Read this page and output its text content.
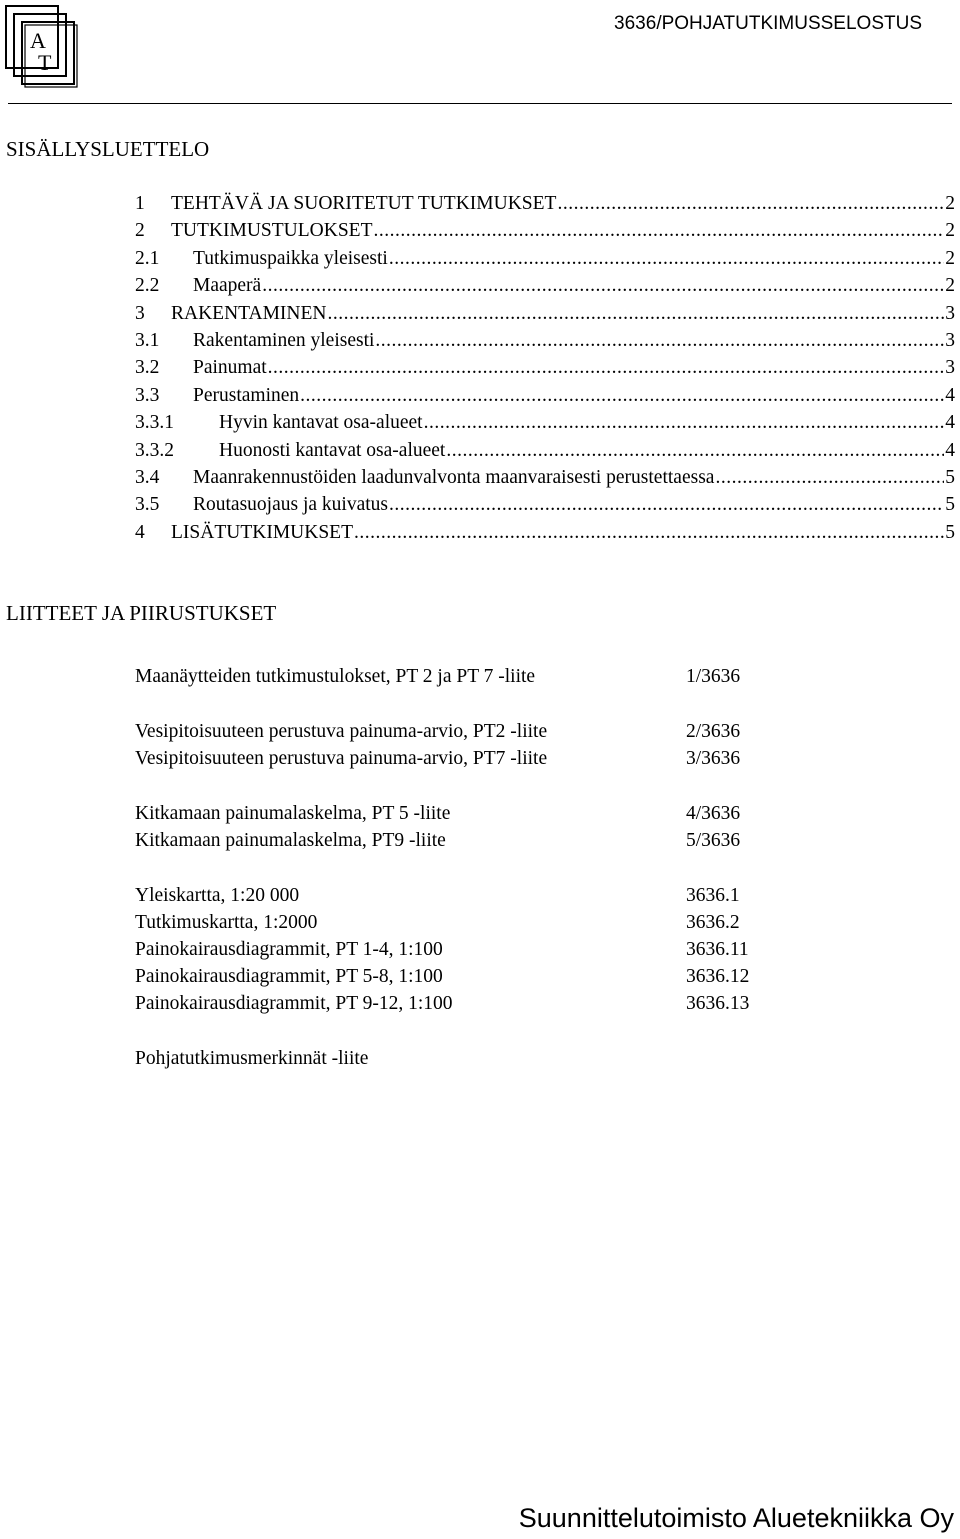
A
T
3636/POHJATUTKIMUSSELOSTUS
SISÄLLYSLUETTELO
1	TEHTÄVÄ JA SUORITETUT TUTKIMUKSET .....	2
2	TUTKIMUSTULOKSET .....	2
2.1	Tutkimuspaikka yleisesti .....	2
2.2	Maaperä .....	2
3	RAKENTAMINEN .....	3
3.1	Rakentaminen yleisesti .....	3
3.2	Painumat .....	3
3.3	Perustaminen .....	4
3.3.1	Hyvin kantavat osa-alueet .....	4
3.3.2	Huonosti kantavat osa-alueet .....	4
3.4	Maanrakennustöiden laadunvalvonta maanvaraisesti perustettaessa .....	5
3.5	Routasuojaus ja kuivatus .....	5
4	LISÄTUTKIMUKSET .....	5
LIITTEET JA PIIRUSTUKSET
Maanäytteiden tutkimustulokset, PT 2 ja PT 7 -liite	1/3636
Vesipitoisuuteen perustuva painuma-arvio, PT2 -liite	2/3636
Vesipitoisuuteen perustuva painuma-arvio, PT7 -liite	3/3636
Kitkamaan painumalaskelma, PT 5 -liite	4/3636
Kitkamaan painumalaskelma, PT9 -liite	5/3636
Yleiskartta, 1:20 000	3636.1
Tutkimuskartta, 1:2000	3636.2
Painokairausdiagrammit, PT 1-4, 1:100	3636.11
Painokairausdiagrammit, PT 5-8, 1:100	3636.12
Painokairausdiagrammit, PT 9-12, 1:100	3636.13
Pohjatutkimusmerkinnät -liite
Suunnittelutoimisto Aluetekniikka Oy
